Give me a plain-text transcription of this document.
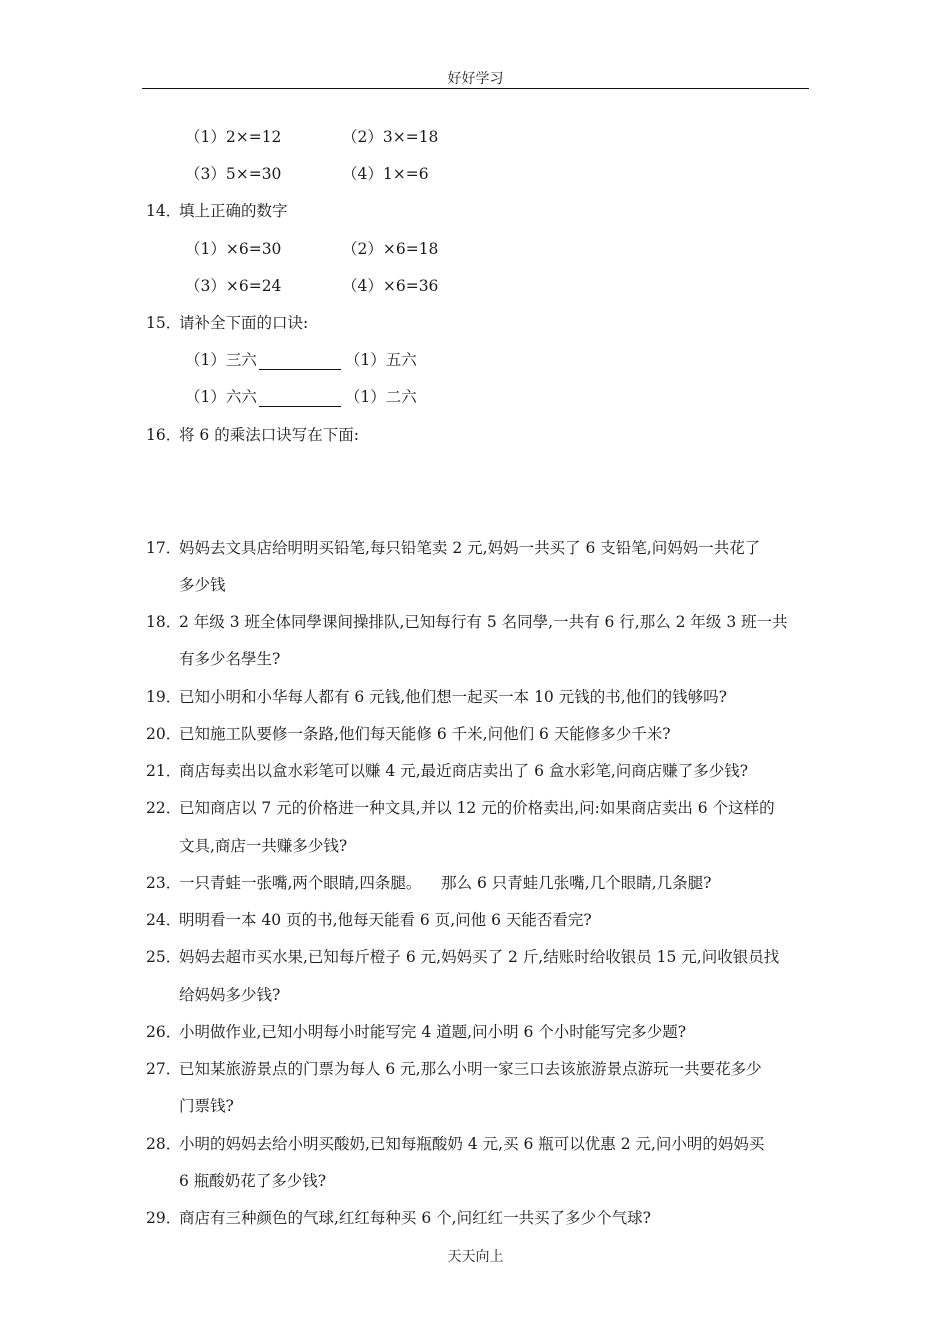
好好学习
（1）2×=12	（2）3×=18
（3）5×=30	（4）1×=6
14．填上正确的数字
（1）×6=30	（2）×6=18
（3）×6=24	（4）×6=36
15．请补全下面的口诀:
（1）三六	（1）五六
（1）六六	（1）二六
16．将 6 的乘法口诀写在下面:
17．妈妈去文具店给明明买铅笔,每只铅笔卖 2 元,妈妈一共买了 6 支铅笔,问妈妈一共花了
多少钱
18．2 年级 3 班全体同學课间操排队,已知每行有 5 名同學,一共有 6 行,那么 2 年级 3 班一共
有多少名學生?
19．已知小明和小华每人都有 6 元钱,他们想一起买一本 10 元钱的书,他们的钱够吗?
20．已知施工队要修一条路,他们每天能修 6 千米,问他们 6 天能修多少千米?
21．商店每卖出以盒水彩笔可以赚 4 元,最近商店卖出了 6 盒水彩笔,问商店赚了多少钱?
22．已知商店以 7 元的价格进一种文具,并以 12 元的价格卖出,问:如果商店卖出 6 个这样的
文具,商店一共赚多少钱?
23．一只青蛙一张嘴,两个眼睛,四条腿。    那么 6 只青蛙几张嘴,几个眼睛,几条腿?
24．明明看一本 40 页的书,他每天能看 6 页,问他 6 天能否看完?
25．妈妈去超市买水果,已知每斤橙子 6 元,妈妈买了 2 斤,结账时给收银员 15 元,问收银员找
给妈妈多少钱?
26．小明做作业,已知小明每小时能写完 4 道题,问小明 6 个小时能写完多少题?
27．已知某旅游景点的门票为每人 6 元,那么小明一家三口去该旅游景点游玩一共要花多少
门票钱?
28．小明的妈妈去给小明买酸奶,已知每瓶酸奶 4 元,买 6 瓶可以优惠 2 元,问小明的妈妈买
6 瓶酸奶花了多少钱?
29．商店有三种颜色的气球,红红每种买 6 个,问红红一共买了多少个气球?
天天向上
